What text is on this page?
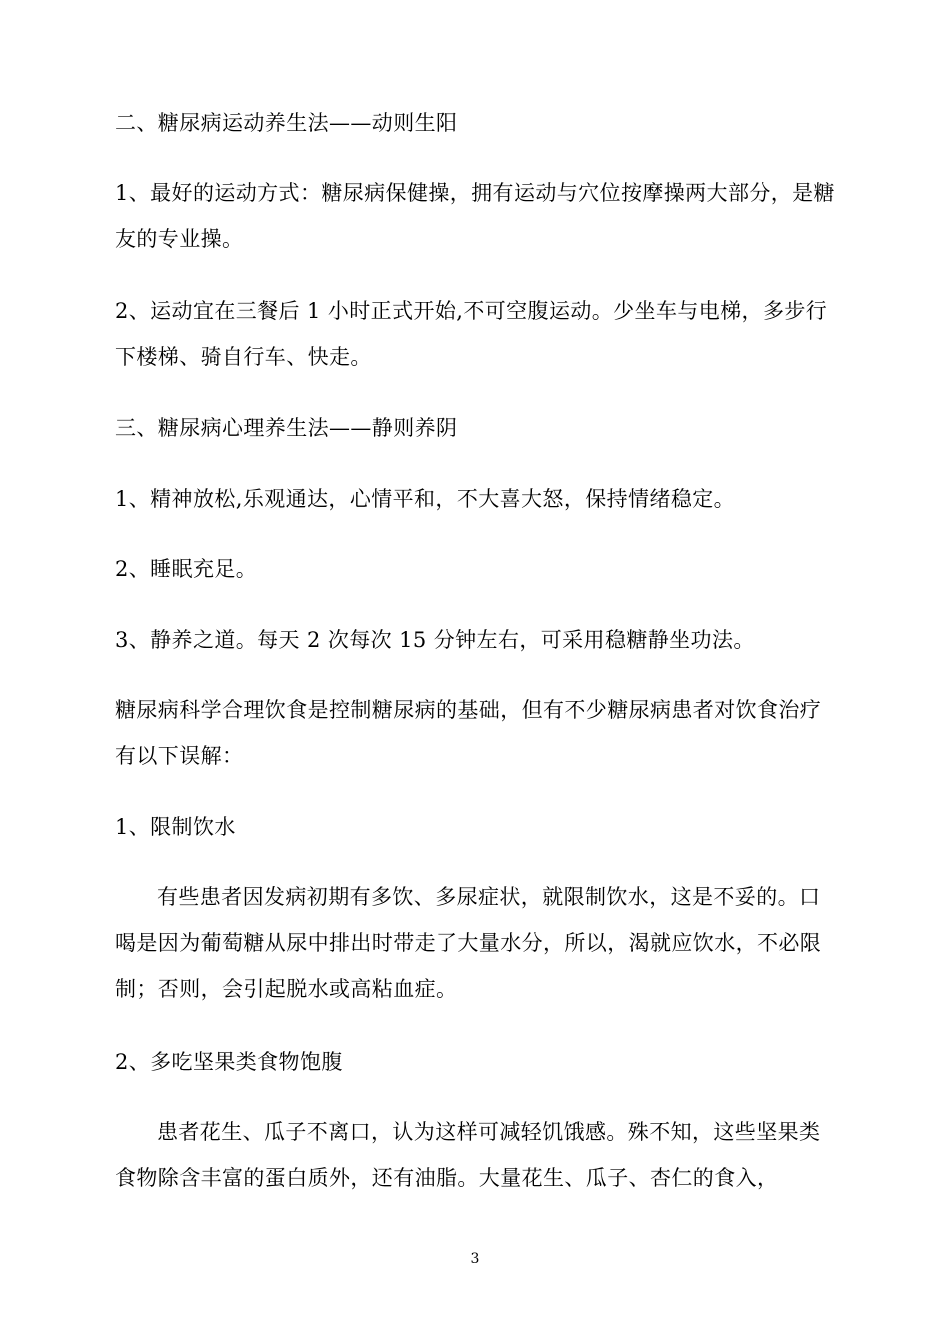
二、糖尿病运动养生法——动则生阳

1、最好的运动方式：糖尿病保健操，拥有运动与穴位按摩操两大部分，是糖友的专业操。

2、运动宜在三餐后 1 小时正式开始,不可空腹运动。少坐车与电梯，多步行下楼梯、骑自行车、快走。

三、糖尿病心理养生法——静则养阴

1、精神放松,乐观通达，心情平和，不大喜大怒，保持情绪稳定。

2、睡眠充足。

3、静养之道。每天 2 次每次 15 分钟左右，可采用稳糖静坐功法。

糖尿病科学合理饮食是控制糖尿病的基础，但有不少糖尿病患者对饮食治疗有以下误解：

1、限制饮水

有些患者因发病初期有多饮、多尿症状，就限制饮水，这是不妥的。口喝是因为葡萄糖从尿中排出时带走了大量水分，所以，渴就应饮水，不必限制；否则，会引起脱水或高粘血症。

2、多吃坚果类食物饱腹

患者花生、瓜子不离口，认为这样可减轻饥饿感。殊不知，这些坚果类食物除含丰富的蛋白质外，还有油脂。大量花生、瓜子、杏仁的食入，

3
